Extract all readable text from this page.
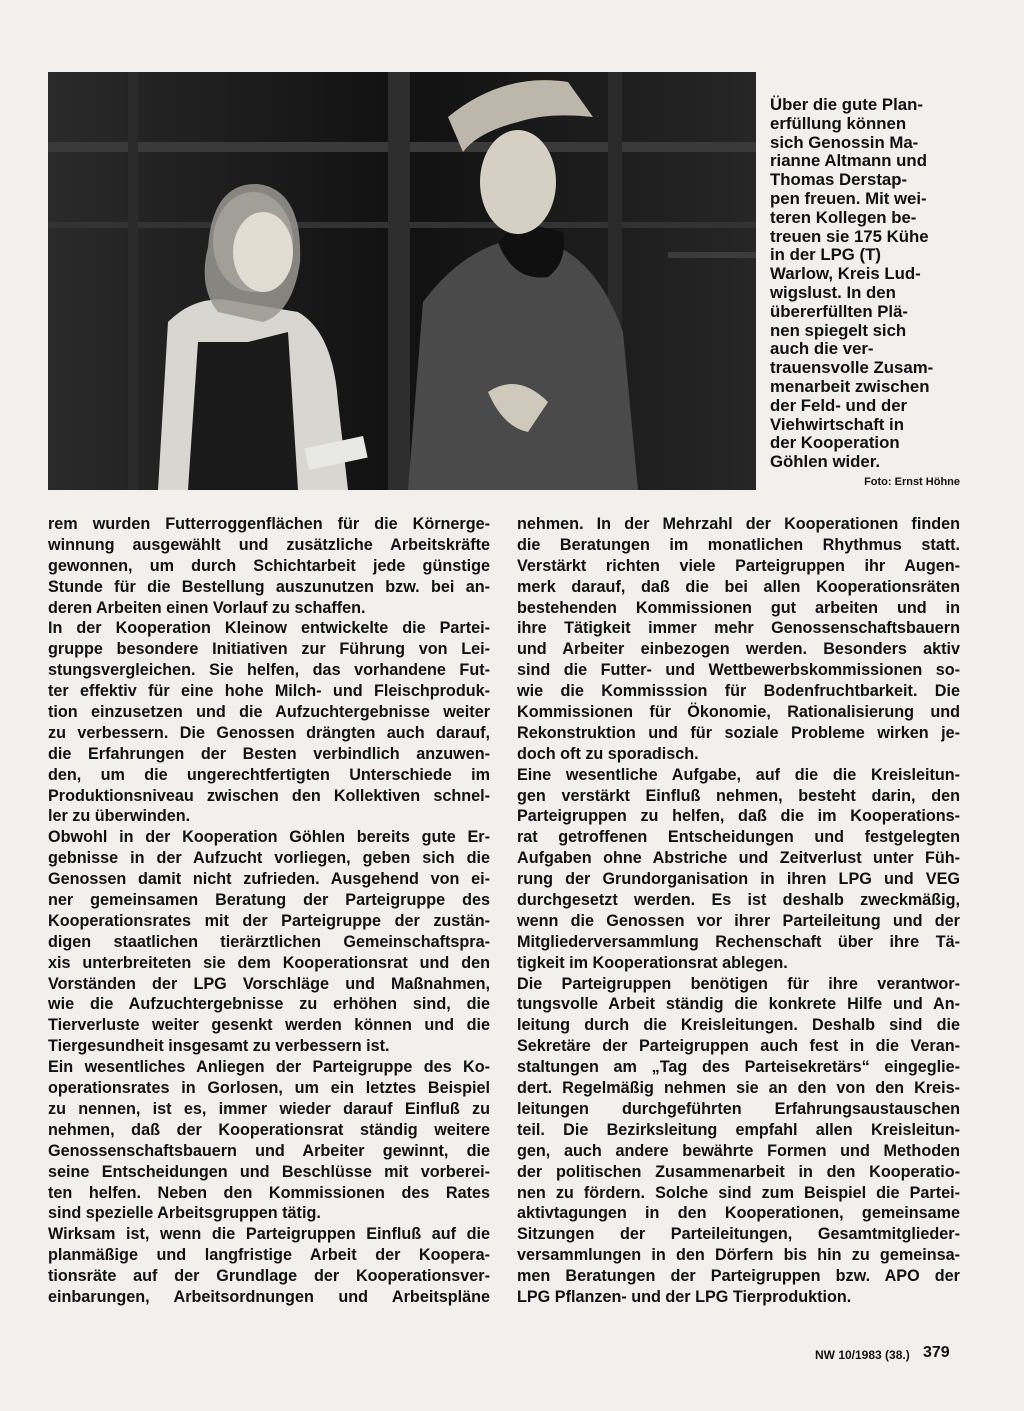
Über die gute Plan-
erfüllung können
sich Genossin Ma-
rianne Altmann und
Thomas Derstap-
pen freuen. Mit wei-
teren Kollegen be-
treuen sie 175 Kühe
in der LPG (T)
Warlow, Kreis Lud-
wigslust. In den
übererfüllten Plä-
nen spiegelt sich
auch die ver-
trauensvolle Zusam-
menarbeit zwischen
der Feld- und der
Viehwirtschaft in
der Kooperation
Göhlen wider.
Foto: Ernst Höhne
rem wurden Futterroggenflächen für die Körnerge-
winnung ausgewählt und zusätzliche Arbeitskräfte
gewonnen, um durch Schichtarbeit jede günstige
Stunde für die Bestellung auszunutzen bzw. bei an-
deren Arbeiten einen Vorlauf zu schaffen.
In der Kooperation Kleinow entwickelte die Partei-
gruppe besondere Initiativen zur Führung von Lei-
stungsvergleichen. Sie helfen, das vorhandene Fut-
ter effektiv für eine hohe Milch- und Fleischproduk-
tion einzusetzen und die Aufzuchtergebnisse weiter
zu verbessern. Die Genossen drängten auch darauf,
die Erfahrungen der Besten verbindlich anzuwen-
den, um die ungerechtfertigten Unterschiede im
Produktionsniveau zwischen den Kollektiven schnel-
ler zu überwinden.
Obwohl in der Kooperation Göhlen bereits gute Er-
gebnisse in der Aufzucht vorliegen, geben sich die
Genossen damit nicht zufrieden. Ausgehend von ei-
ner gemeinsamen Beratung der Parteigruppe des
Kooperationsrates mit der Parteigruppe der zustän-
digen staatlichen tierärztlichen Gemeinschaftspra-
xis unterbreiteten sie dem Kooperationsrat und den
Vorständen der LPG Vorschläge und Maßnahmen,
wie die Aufzuchtergebnisse zu erhöhen sind, die
Tierverluste weiter gesenkt werden können und die
Tiergesundheit insgesamt zu verbessern ist.
Ein wesentliches Anliegen der Parteigruppe des Ko-
operationsrates in Gorlosen, um ein letztes Beispiel
zu nennen, ist es, immer wieder darauf Einfluß zu
nehmen, daß der Kooperationsrat ständig weitere
Genossenschaftsbauern und Arbeiter gewinnt, die
seine Entscheidungen und Beschlüsse mit vorberei-
ten helfen. Neben den Kommissionen des Rates
sind spezielle Arbeitsgruppen tätig.
Wirksam ist, wenn die Parteigruppen Einfluß auf die
planmäßige und langfristige Arbeit der Koopera-
tionsräte auf der Grundlage der Kooperationsver-
einbarungen, Arbeitsordnungen und Arbeitspläne
nehmen. In der Mehrzahl der Kooperationen finden
die Beratungen im monatlichen Rhythmus statt.
Verstärkt richten viele Parteigruppen ihr Augen-
merk darauf, daß die bei allen Kooperationsräten
bestehenden Kommissionen gut arbeiten und in
ihre Tätigkeit immer mehr Genossenschaftsbauern
und Arbeiter einbezogen werden. Besonders aktiv
sind die Futter- und Wettbewerbskommissionen so-
wie die Kommisssion für Bodenfruchtbarkeit. Die
Kommissionen für Ökonomie, Rationalisierung und
Rekonstruktion und für soziale Probleme wirken je-
doch oft zu sporadisch.
Eine wesentliche Aufgabe, auf die die Kreisleitun-
gen verstärkt Einfluß nehmen, besteht darin, den
Parteigruppen zu helfen, daß die im Kooperations-
rat getroffenen Entscheidungen und festgelegten
Aufgaben ohne Abstriche und Zeitverlust unter Füh-
rung der Grundorganisation in ihren LPG und VEG
durchgesetzt werden. Es ist deshalb zweckmäßig,
wenn die Genossen vor ihrer Parteileitung und der
Mitgliederversammlung Rechenschaft über ihre Tä-
tigkeit im Kooperationsrat ablegen.
Die Parteigruppen benötigen für ihre verantwor-
tungsvolle Arbeit ständig die konkrete Hilfe und An-
leitung durch die Kreisleitungen. Deshalb sind die
Sekretäre der Parteigruppen auch fest in die Veran-
staltungen am „Tag des Parteisekretärs“ eingeglie-
dert. Regelmäßig nehmen sie an den von den Kreis-
leitungen durchgeführten Erfahrungsaustauschen
teil. Die Bezirksleitung empfahl allen Kreisleitun-
gen, auch andere bewährte Formen und Methoden
der politischen Zusammenarbeit in den Kooperatio-
nen zu fördern. Solche sind zum Beispiel die Partei-
aktivtagungen in den Kooperationen, gemeinsame
Sitzungen der Parteileitungen, Gesamtmitglieder-
versammlungen in den Dörfern bis hin zu gemeinsa-
men Beratungen der Parteigruppen bzw. APO der
LPG Pflanzen- und der LPG Tierproduktion.
NW 10/1983 (38.) 379
